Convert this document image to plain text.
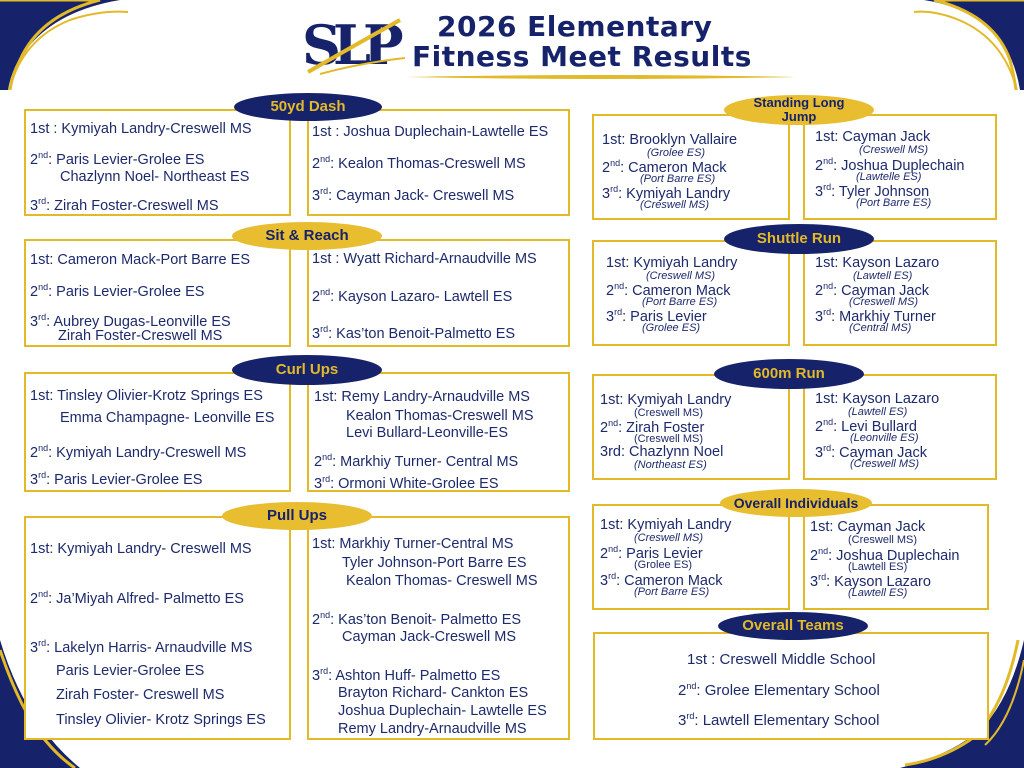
SLP 2026 Elementary
Fitness Meet Results
50yd Dash
1st : Kymiyah Landry-Creswell MS
2nd: Paris Levier-Grolee ES
Chazlynn Noel- Northeast ES
3rd: Zirah Foster-Creswell MS
1st : Joshua Duplechain-Lawtelle ES
2nd: Kealon Thomas-Creswell MS
3rd: Cayman Jack- Creswell MS
Sit & Reach
1st: Cameron Mack-Port Barre ES
2nd: Paris Levier-Grolee ES
3rd: Aubrey Dugas-Leonville ES
Zirah Foster-Creswell MS
1st : Wyatt Richard-Arnaudville MS
2nd: Kayson Lazaro- Lawtell ES
3rd: Kas’ton Benoit-Palmetto ES
Curl Ups
1st: Tinsley Olivier-Krotz Springs ES
Emma Champagne- Leonville ES
2nd: Kymiyah Landry-Creswell MS
3rd: Paris Levier-Grolee ES
1st: Remy Landry-Arnaudville MS
Kealon Thomas-Creswell MS
Levi Bullard-Leonville-ES
2nd: Markhiy Turner- Central MS
3rd: Ormoni White-Grolee ES
Pull Ups
1st: Kymiyah Landry- Creswell MS
2nd: Ja’Miyah Alfred- Palmetto ES
3rd: Lakelyn Harris- Arnaudville MS
Paris Levier-Grolee ES
Zirah Foster- Creswell MS
Tinsley Olivier- Krotz Springs ES
1st: Markhiy Turner-Central MS
Tyler Johnson-Port Barre ES
Kealon Thomas- Creswell MS
2nd: Kas’ton Benoit- Palmetto ES
Cayman Jack-Creswell MS
3rd: Ashton Huff- Palmetto ES
Brayton Richard- Cankton ES
Joshua Duplechain- Lawtelle ES
Remy Landry-Arnaudville MS
Standing Long Jump
1st: Brooklyn Vallaire
(Grolee ES)
2nd: Cameron Mack
(Port Barre ES)
3rd: Kymiyah Landry
(Creswell MS)
1st: Cayman Jack
(Creswell MS)
2nd: Joshua Duplechain
(Lawtelle ES)
3rd: Tyler Johnson
(Port Barre ES)
Shuttle Run
1st: Kymiyah Landry
(Creswell MS)
2nd: Cameron Mack
(Port Barre ES)
3rd: Paris Levier
(Grolee ES)
1st: Kayson Lazaro
(Lawtell ES)
2nd: Cayman Jack
(Creswell MS)
3rd: Markhiy Turner
(Central MS)
600m Run
1st: Kymiyah Landry
(Creswell MS)
2nd: Zirah Foster
(Creswell MS)
3rd: Chazlynn Noel
(Northeast ES)
1st: Kayson Lazaro
(Lawtell ES)
2nd: Levi Bullard
(Leonville ES)
3rd: Cayman Jack
(Creswell MS)
Overall Individuals
1st: Kymiyah Landry
(Creswell MS)
2nd: Paris Levier
(Grolee ES)
3rd: Cameron Mack
(Port Barre ES)
1st: Cayman Jack
(Creswell MS)
2nd: Joshua Duplechain
(Lawtell ES)
3rd: Kayson Lazaro
(Lawtell ES)
Overall Teams
1st : Creswell Middle School
2nd: Grolee Elementary School
3rd: Lawtell Elementary School
